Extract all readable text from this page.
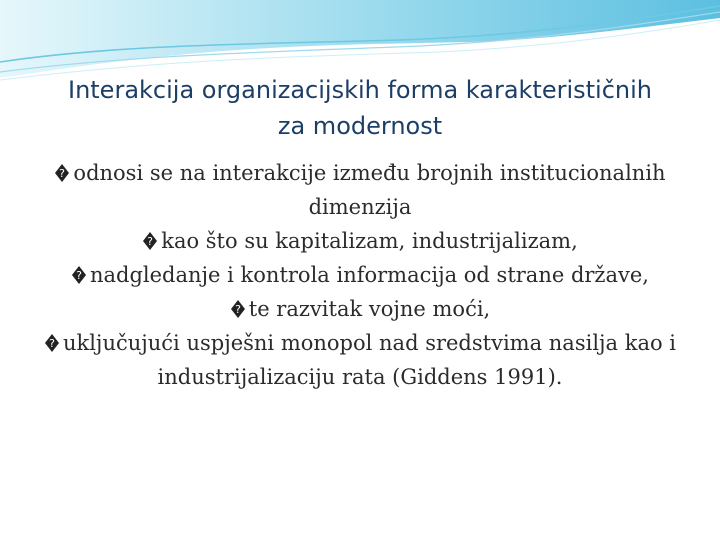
Interakcija organizacijskih forma karakterističnih
za modernost

? odnosi se na interakcije između brojnih institucionalnih dimenzija

? kao što su kapitalizam, industrijalizam,

? nadgledanje i kontrola informacija od strane države,

? te razvitak vojne moći,

? uključujući uspješni monopol nad sredstvima nasilja kao i industrijalizaciju rata (Giddens 1991).
